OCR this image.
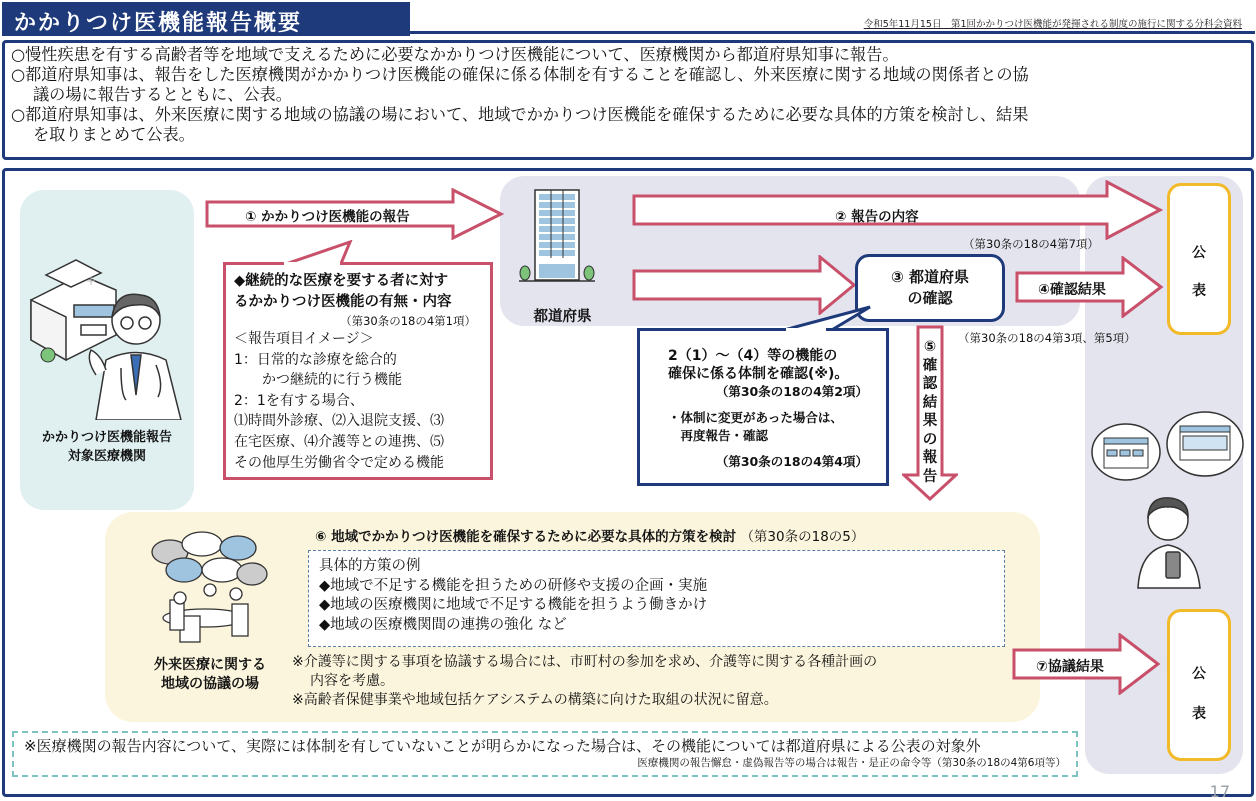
かかりつけ医機能報告概要	令和5年11月15日　第1回かかりつけ医機能が発揮される制度の施行に関する分科会資料

○慢性疾患を有する高齢者等を地域で支えるために必要なかかりつけ医機能について、医療機関から都道府県知事に報告。

○都道府県知事は、報告をした医療機関がかかりつけ医機能の確保に係る体制を有することを確認し、外来医療に関する地域の関係者との協

議の場に報告するとともに、公表。

○都道府県知事は、外来医療に関する地域の協議の場において、地域でかかりつけ医機能を確保するために必要な具体的方策を検討し、結果

を取りまとめて公表。

+
かかりつけ医機能報告
対象医療機関
都道府県
① かかりつけ医機能の報告	② 報告の内容
（第30条の18の4第7項）
③ 都道府県
の確認	④確認結果
（第30条の18の4第3項、第5項）
公
表
◆継続的な医療を要する者に対す
るかかりつけ医機能の有無・内容
（第30条の18の4第1項）
＜報告項目イメージ＞
1：日常的な診療を総合的
　　かつ継続的に行う機能
2：1を有する場合、
⑴時間外診療、⑵入退院支援、⑶
在宅医療、⑷介護等との連携、⑸
その他厚生労働省令で定める機能
2（1）～（4）等の機能の
確保に係る体制を確認(※)。
（第30条の18の4第2項）
・体制に変更があった場合は、
　再度報告・確認
（第30条の18の4第4項）
⑤
確
認
結
果
の
報
告
外来医療に関する
地域の協議の場
⑥ 地域でかかりつけ医機能を確保するために必要な具体的方策を検討 （第30条の18の5）
具体的方策の例
◆地域で不足する機能を担うための研修や支援の企画・実施
◆地域の医療機関に地域で不足する機能を担うよう働きかけ
◆地域の医療機関間の連携の強化 など
※介護等に関する事項を協議する場合には、市町村の参加を求め、介護等に関する各種計画の
内容を考慮。
※高齢者保健事業や地域包括ケアシステムの構築に向けた取組の状況に留意。
⑦協議結果	公
表
※医療機関の報告内容について、実際には体制を有していないことが明らかになった場合は、その機能については都道府県による公表の対象外
医療機関の報告懈怠・虚偽報告等の場合は報告・是正の命令等（第30条の18の4第6項等）
17
